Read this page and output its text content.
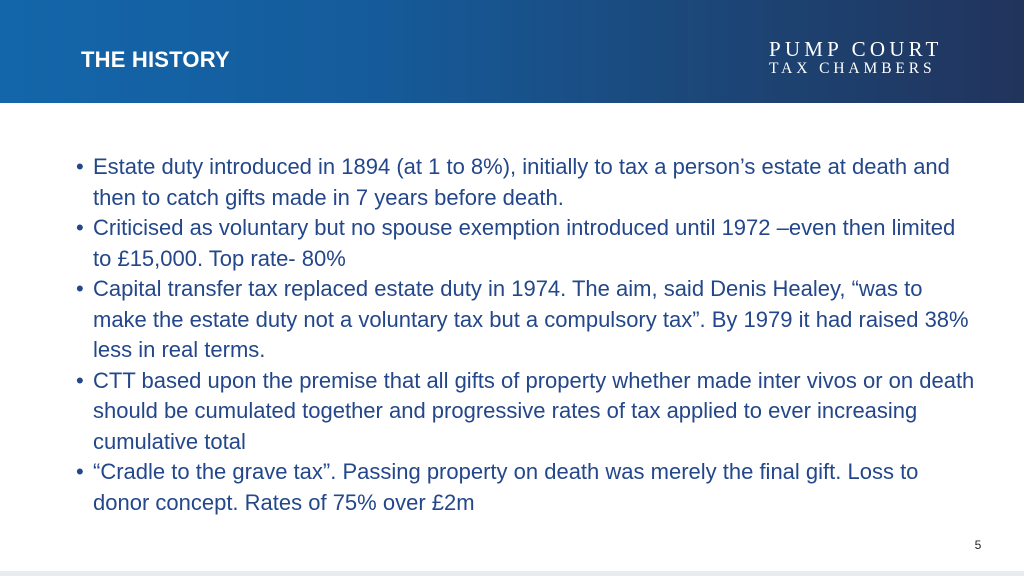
THE HISTORY	PUMP COURT
TAX CHAMBERS
• Estate duty introduced in 1894 (at 1 to 8%), initially to tax a person’s estate at death and then to catch gifts made in 7 years before death.
• Criticised as voluntary but no spouse exemption introduced until 1972 –even then limited to £15,000. Top rate- 80%
• Capital transfer tax replaced estate duty in 1974. The aim, said Denis Healey, “was to make the estate duty not a voluntary tax but a compulsory tax”. By 1979 it had raised 38% less in real terms.
• CTT based upon the premise that all gifts of property whether made inter vivos or on death should be cumulated together and progressive rates of tax applied to ever increasing cumulative total
• “Cradle to the grave tax”. Passing property on death was merely the final gift. Loss to donor concept. Rates of 75% over £2m
5
